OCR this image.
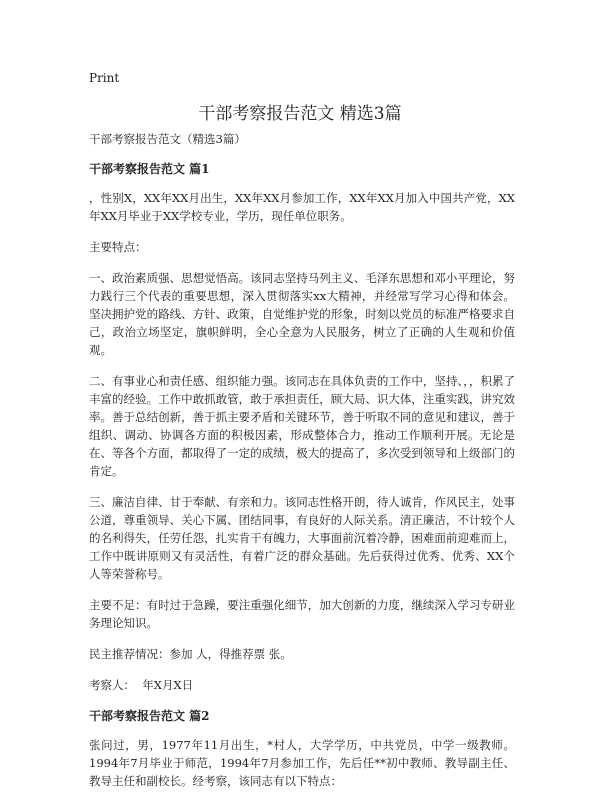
Print
干部考察报告范文 精选3篇

干部考察报告范文（精选3篇）

干部考察报告范文 篇1

，性别X，XX年XX月出生，XX年XX月参加工作，XX年XX月加入中国共产党，XX年XX月毕业于XX学校专业，学历，现任单位职务。

主要特点：

一、政治素质强、思想觉悟高。该同志坚持马列主义、毛泽东思想和邓小平理论，努力践行三个代表的重要思想，深入贯彻落实xx大精神，并经常写学习心得和体会。坚决拥护党的路线、方针、政策，自觉维护党的形象，时刻以党员的标准严格要求自己，政治立场坚定，旗帜鲜明，全心全意为人民服务，树立了正确的人生观和价值观。

二、有事业心和责任感、组织能力强。该同志在具体负责的工作中，坚持、，，积累了丰富的经验。工作中敢抓敢管，敢于承担责任，顾大局、识大体，注重实践，讲究效率。善于总结创新，善于抓主要矛盾和关键环节，善于听取不同的意见和建议，善于组织、调动、协调各方面的积极因素，形成整体合力，推动工作顺利开展。无论是在、等各个方面，都取得了一定的成绩，极大的提高了，多次受到领导和上级部门的肯定。

三、廉洁自律、甘于奉献、有亲和力。该同志性格开朗，待人诚肯，作风民主，处事公道，尊重领导、关心下属、团结同事，有良好的人际关系。清正廉洁，不计较个人的名利得失，任劳任怨，扎实肯干有魄力，大事面前沉着冷静，困难面前迎难而上，工作中既讲原则又有灵活性，有着广泛的群众基础。先后获得过优秀、优秀、XX个人等荣誉称号。

主要不足：有时过于急躁，要注重强化细节，加大创新的力度，继续深入学习专研业务理论知识。

民主推荐情况：参加 人，得推荐票 张。

考察人：  年X月X日

干部考察报告范文 篇2

张问过，男，1977年11月出生，*村人，大学学历，中共党员，中学一级教师。1994年7月毕业于师范，1994年7月参加工作，先后任**初中教师、教导副主任、教导主任和副校长。经考察，该同志有以下特点：
